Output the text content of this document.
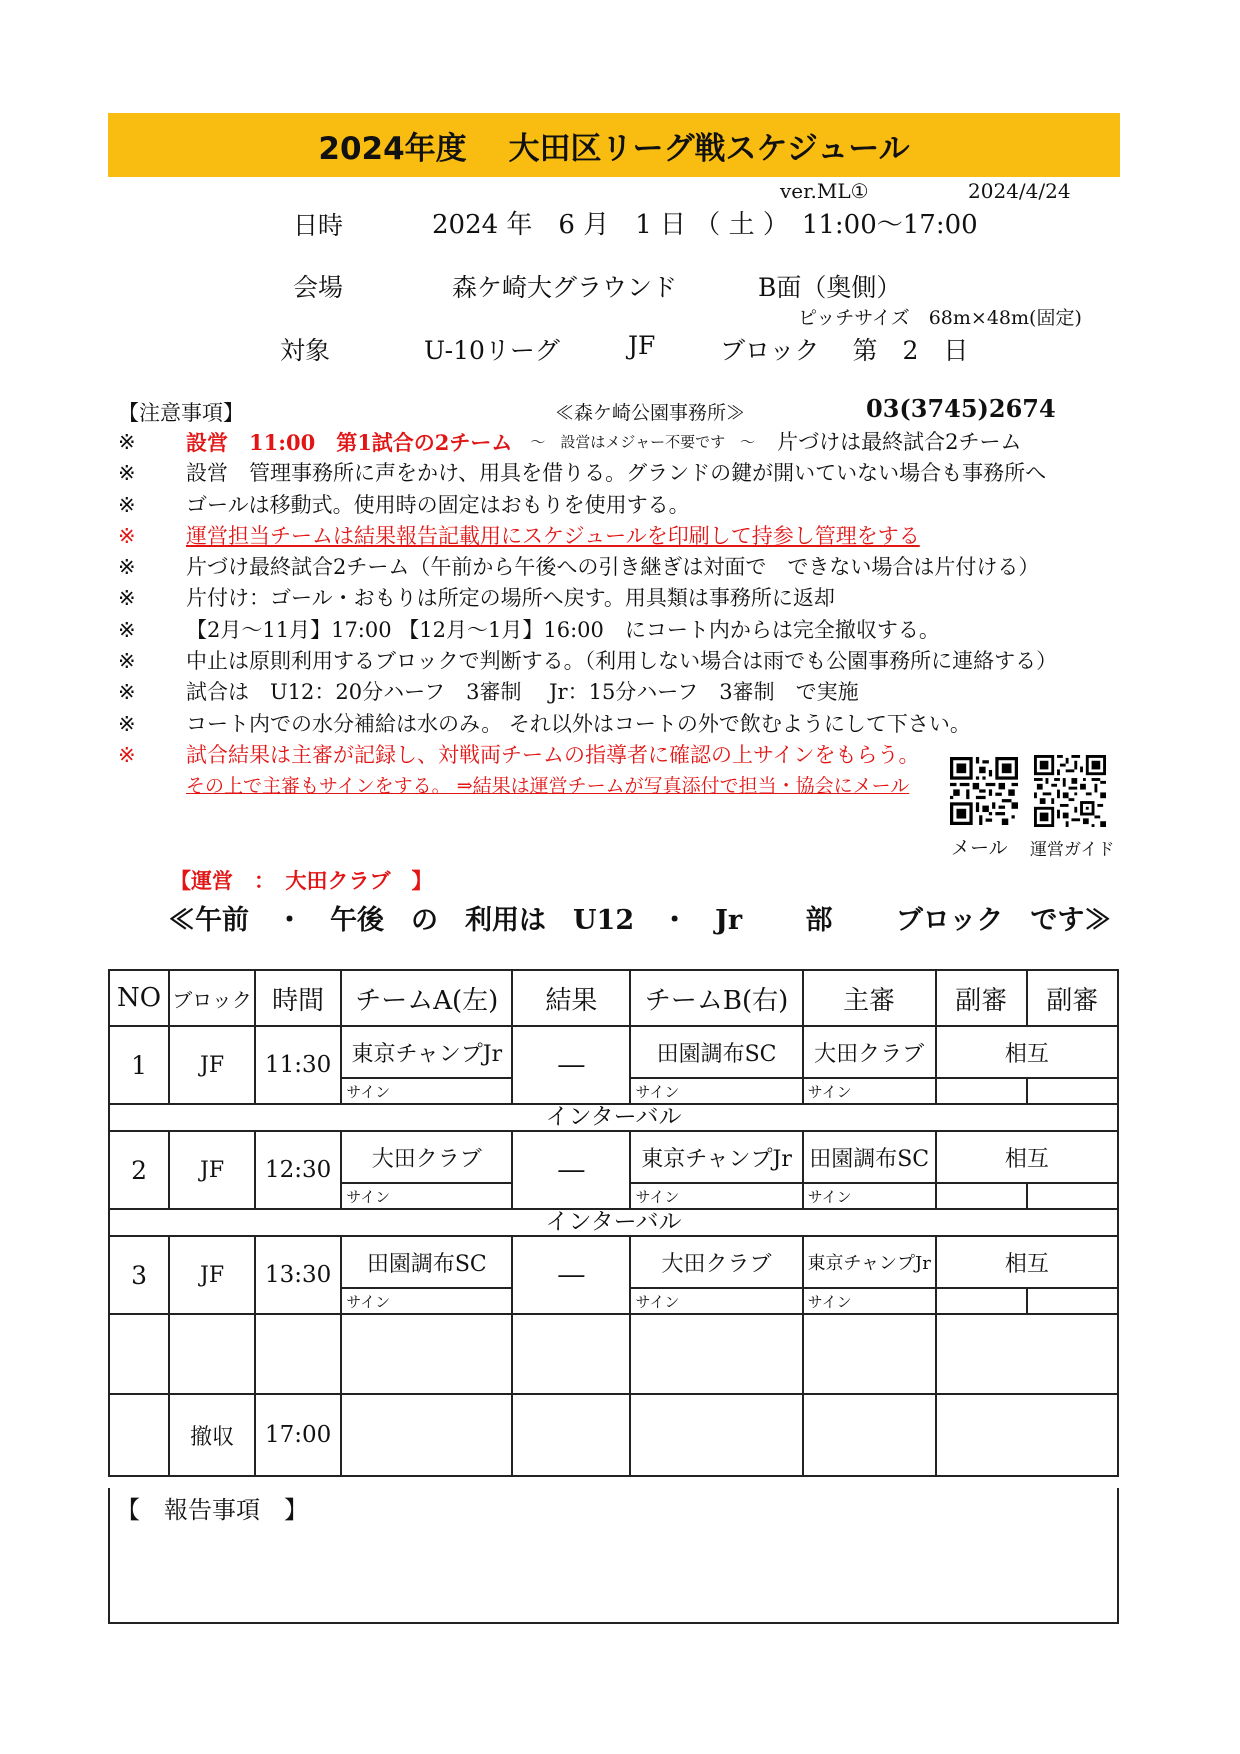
2024年度　 大田区リーグ戦スケジュール
ver.ML①	2024/4/24
日時	2024 年　6 月　1 日 （ 土 ）　11:00～17:00
会場	森ケ崎大グラウンド	B面（奥側）
ピッチサイズ　68m×48m(固定)
対象	U-10リーグ	JF	ブロック　 第　2　日
【注意事項】	≪森ケ崎公園事務所≫	03(3745)2674
※	設営　11:00　第1試合の2チーム ～　設営はメジャー不要です　～ 片づけは最終試合2チーム
※	設営　管理事務所に声をかけ、用具を借りる。グランドの鍵が開いていない場合も事務所へ
※	ゴールは移動式。使用時の固定はおもりを使用する。
※	運営担当チームは結果報告記載用にスケジュールを印刷して持参し管理をする
※	片づけ最終試合2チーム（午前から午後への引き継ぎは対面で　できない場合は片付ける）
※	片付け：ゴール・おもりは所定の場所へ戻す。用具類は事務所に返却
※	【2月～11月】17:00 【12月～1月】16:00　にコート内からは完全撤収する。
※	中止は原則利用するブロックで判断する。（利用しない場合は雨でも公園事務所に連絡する）
※	試合は　U12：20分ハーフ　3審制　 Jr：15分ハーフ　3審制　で実施
※	コート内での水分補給は水のみ。 それ以外はコートの外で飲むようにして下さい。
※	試合結果は主審が記録し、対戦両チームの指導者に確認の上サインをもらう。
その上で主審もサインをする。 ⇒結果は運営チームが写真添付で担当・協会にメール
メール 運営ガイド
【運営　：　大田クラブ　】
≪午前　・　午後　の　利用は　U12　・　Jr　　 部　　 ブロック　です≫
NO	ブロック	時間	チームA(左)	結果	チームB(右)	主審	副審	副審
1	JF	11:30	東京チャンプJr	―	田園調布SC	大田クラブ	相互	
			サイン		サイン	サイン		
インターバル								
2	JF	12:30	大田クラブ	―	東京チャンプJr	田園調布SC	相互	
			サイン		サイン	サイン		
インターバル								
3	JF	13:30	田園調布SC	―	大田クラブ	東京チャンプJr	相互	
			サイン		サイン	サイン		

	撤収	17:00						
【　報告事項　】
